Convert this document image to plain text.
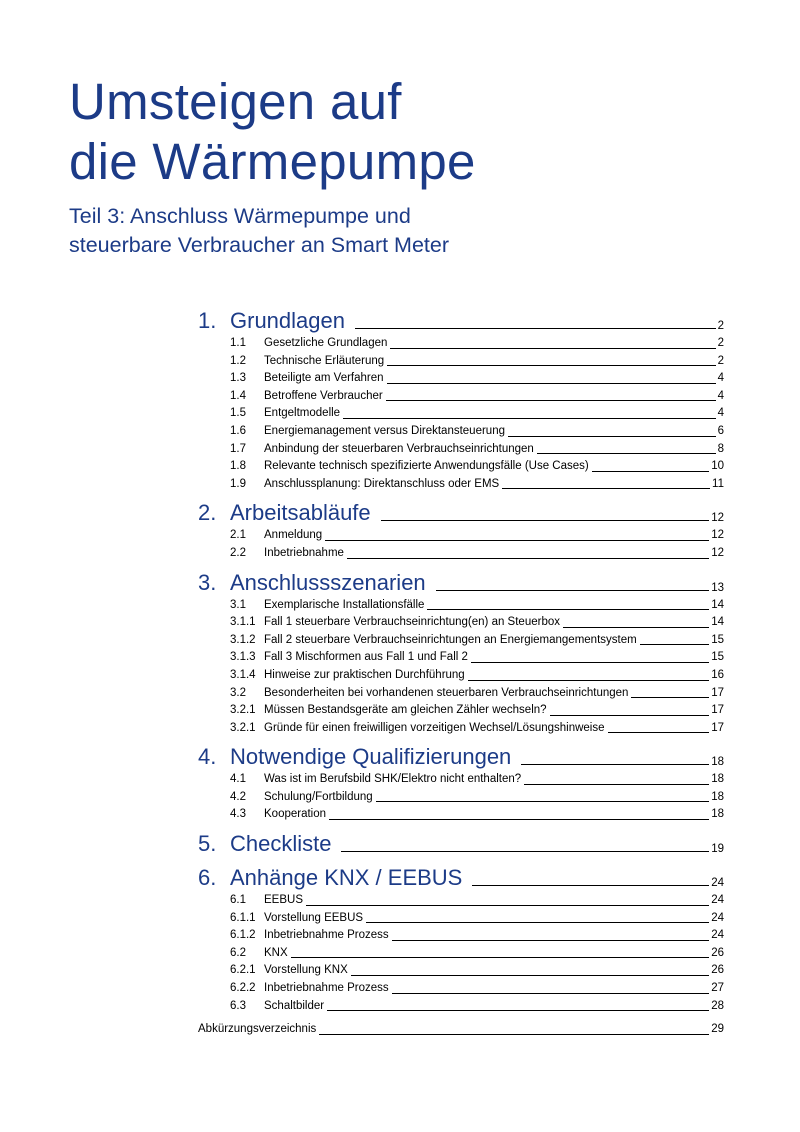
Umsteigen auf
die Wärmepumpe

Teil 3: Anschluss Wärmepumpe und
steuerbare Verbraucher an Smart Meter

1. Grundlagen	2
1.1	Gesetzliche Grundlagen	2
1.2	Technische Erläuterung	2
1.3	Beteiligte am Verfahren	4
1.4	Betroffene Verbraucher	4
1.5	Entgeltmodelle	4
1.6	Energiemanagement versus Direktansteuerung	6
1.7	Anbindung der steuerbaren Verbrauchseinrichtungen	8
1.8	Relevante technisch spezifizierte Anwendungsfälle (Use Cases)	10
1.9	Anschlussplanung: Direktanschluss oder EMS	11
2. Arbeitsabläufe	12
2.1	Anmeldung	12
2.2	Inbetriebnahme	12
3. Anschlussszenarien	13
3.1	Exemplarische Installationsfälle	14
3.1.1 Fall 1 steuerbare Verbrauchseinrichtung(en) an Steuerbox	14
3.1.2 Fall 2 steuerbare Verbrauchseinrichtungen an Energiemangementsystem	15
3.1.3 Fall 3 Mischformen aus Fall 1 und Fall 2	15
3.1.4 Hinweise zur praktischen Durchführung	16
3.2	Besonderheiten bei vorhandenen steuerbaren Verbrauchseinrichtungen	17
3.2.1 Müssen Bestandsgeräte am gleichen Zähler wechseln?	17
3.2.1 Gründe für einen freiwilligen vorzeitigen Wechsel/Lösungshinweise	17
4. Notwendige Qualifizierungen	18
4.1	Was ist im Berufsbild SHK/Elektro nicht enthalten?	18
4.2	Schulung/Fortbildung	18
4.3	Kooperation	18
5. Checkliste	19
6. Anhänge KNX / EEBUS	24
6.1	EEBUS	24
6.1.1 Vorstellung EEBUS	24
6.1.2 Inbetriebnahme Prozess	24
6.2	KNX	26
6.2.1 Vorstellung KNX	26
6.2.2 Inbetriebnahme Prozess	27
6.3	Schaltbilder	28
Abkürzungsverzeichnis	29
